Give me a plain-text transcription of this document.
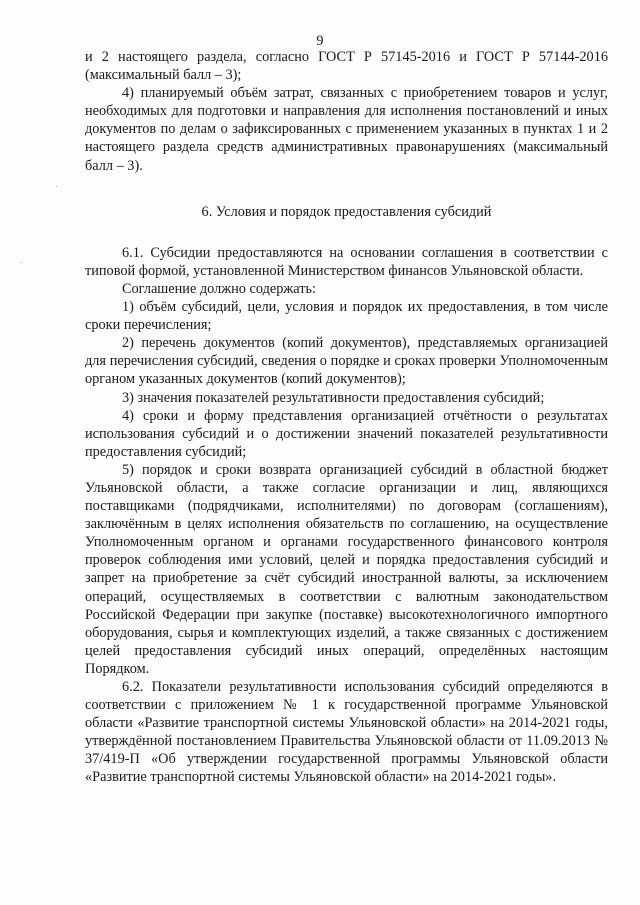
9

и 2 настоящего раздела, согласно ГОСТ Р 57145-2016 и ГОСТ Р 57144-2016 (максимальный балл – 3);

4) планируемый объём затрат, связанных с приобретением товаров и услуг, необходимых для подготовки и направления для исполнения постановлений и иных документов по делам о зафиксированных с применением указанных в пунктах 1 и 2 настоящего раздела средств административных правонарушениях (максимальный балл – 3).

6. Условия и порядок предоставления субсидий

6.1. Субсидии предоставляются на основании соглашения в соответствии с типовой формой, установленной Министерством финансов Ульяновской области.

Соглашение должно содержать:

1) объём субсидий, цели, условия и порядок их предоставления, в том числе сроки перечисления;

2) перечень документов (копий документов), представляемых организацией для перечисления субсидий, сведения о порядке и сроках проверки Уполномоченным органом указанных документов (копий документов);

3) значения показателей результативности предоставления субсидий;

4) сроки и форму представления организацией отчётности о результатах использования субсидий и о достижении значений показателей результативности предоставления субсидий;

5) порядок и сроки возврата организацией субсидий в областной бюджет Ульяновской области, а также согласие организации и лиц, являющихся поставщиками (подрядчиками, исполнителями) по договорам (соглашениям), заключённым в целях исполнения обязательств по соглашению, на осуществление Уполномоченным органом и органами государственного финансового контроля проверок соблюдения ими условий, целей и порядка предоставления субсидий и запрет на приобретение за счёт субсидий иностранной валюты, за исключением операций, осуществляемых в соответствии с валютным законодательством Российской Федерации при закупке (поставке) высокотехнологичного импортного оборудования, сырья и комплектующих изделий, а также связанных с достижением целей предоставления субсидий иных операций, определённых настоящим Порядком.

6.2. Показатели результативности использования субсидий определяются в соответствии с приложением № 1 к государственной программе Ульяновской области «Развитие транспортной системы Ульяновской области» на 2014-2021 годы, утверждённой постановлением Правительства Ульяновской области от 11.09.2013 № 37/419-П «Об утверждении государственной программы Ульяновской области «Развитие транспортной системы Ульяновской области» на 2014-2021 годы».
